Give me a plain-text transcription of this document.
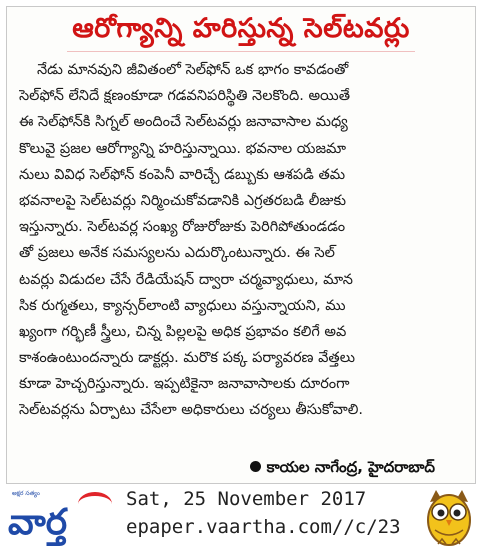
ఆరోగ్యాన్ని హరిస్తున్న సెల్‌టవర్లు
నేడు మానవుని జీవితంలో సెల్‌ఫోన్ ఒక భాగం కావడంతో
సెల్‌ఫోన్ లేనిదే క్షణంకూడా గడవనిపరిస్థితి నెలకొంది. అయితే
ఈ సెల్‌ఫోన్‌కి సిగ్నల్ అందించే సెల్‌టవర్లు జనావాసాల మధ్య
కొలువై ప్రజల ఆరోగ్యాన్ని హరిస్తున్నాయి. భవనాల యజమా
నులు వివిధ సెల్‌ఫోన్ కంపెనీ వారిచ్చే డబ్బుకు ఆశపడి తమ
భవనాలపై సెల్‌టవర్లు నిర్మించుకోవడానికి ఎగ్రతరబడి లీజుకు
ఇస్తున్నారు. సెల్‌టవర్ల సంఖ్య రోజురోజుకు పెరిగిపోతుండడం
తో ప్రజలు అనేక సమస్యలను ఎదుర్కొంటున్నారు. ఈ సెల్
టవర్లు విడుదల చేసే రేడియేషన్ ద్వారా చర్మవ్యాధులు, మాన
సిక రుగ్మతలు, క్యాన్సర్‌లాంటి వ్యాధులు వస్తున్నాయని, ము
ఖ్యంగా గర్భిణీ స్త్రీలు, చిన్న పిల్లలపై అధిక ప్రభావం కలిగే అవ
కాశంఉంటుందన్నారు డాక్టర్లు. మరొక పక్క పర్యావరణ వేత్తలు
కూడా హెచ్చరిస్తున్నారు. ఇప్పటికైనా జనావాసాలకు దూరంగా
సెల్‌టవర్లను ఏర్పాటు చేసేలా అధికారులు చర్యలు తీసుకోవాలి.
కాయల నాగేంద్ర, హైదరాబాద్
అక్షర సత్యం
వార్త
Sat, 25 November 2017
epaper.vaartha.com//c/23
